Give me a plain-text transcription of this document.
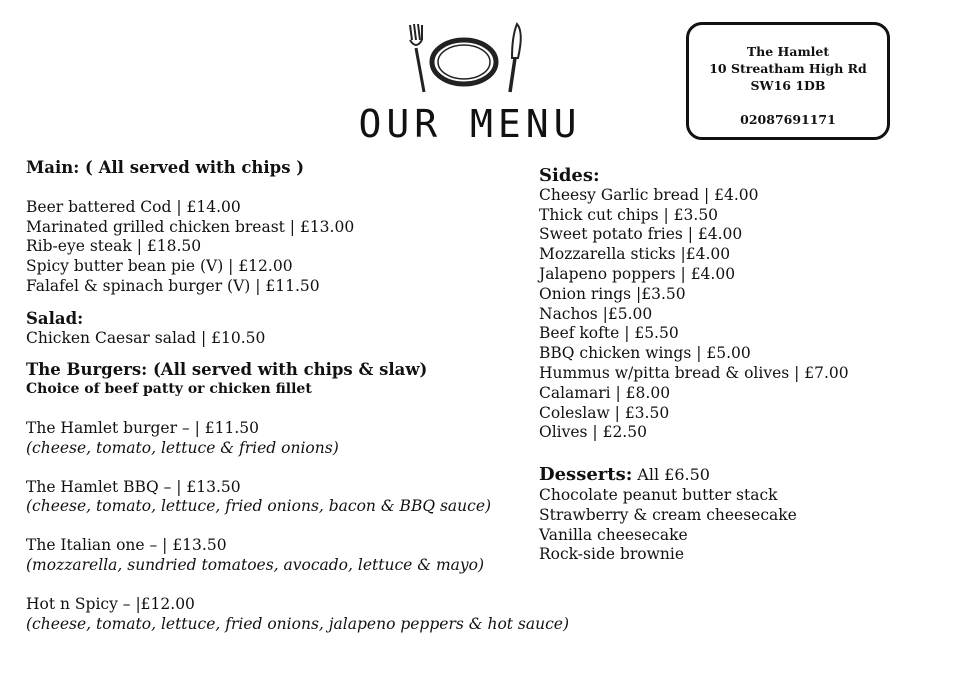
OUR MENU
The Hamlet
10 Streatham High Rd
SW16 1DB
02087691171
Main: ( All served with chips )
Beer battered Cod | £14.00
Marinated grilled chicken breast | £13.00
Rib-eye steak | £18.50
Spicy butter bean pie (V) | £12.00
Falafel & spinach burger (V) | £11.50
Salad:
Chicken Caesar salad | £10.50
The Burgers: (All served with chips & slaw)
Choice of beef patty or chicken fillet
The Hamlet burger – | £11.50
(cheese, tomato, lettuce & fried onions)
The Hamlet BBQ – | £13.50
(cheese, tomato, lettuce, fried onions, bacon & BBQ sauce)
The Italian one – | £13.50
(mozzarella, sundried tomatoes, avocado, lettuce & mayo)
Hot n Spicy – |£12.00
(cheese, tomato, lettuce, fried onions, jalapeno peppers & hot sauce)
Sides:
Cheesy Garlic bread | £4.00
Thick cut chips | £3.50
Sweet potato fries | £4.00
Mozzarella sticks |£4.00
Jalapeno poppers | £4.00
Onion rings |£3.50
Nachos |£5.00
Beef kofte | £5.50
BBQ chicken wings | £5.00
Hummus w/pitta bread & olives | £7.00
Calamari | £8.00
Coleslaw | £3.50
Olives | £2.50
Desserts: All £6.50
Chocolate peanut butter stack
Strawberry & cream cheesecake
Vanilla cheesecake
Rock-side brownie
